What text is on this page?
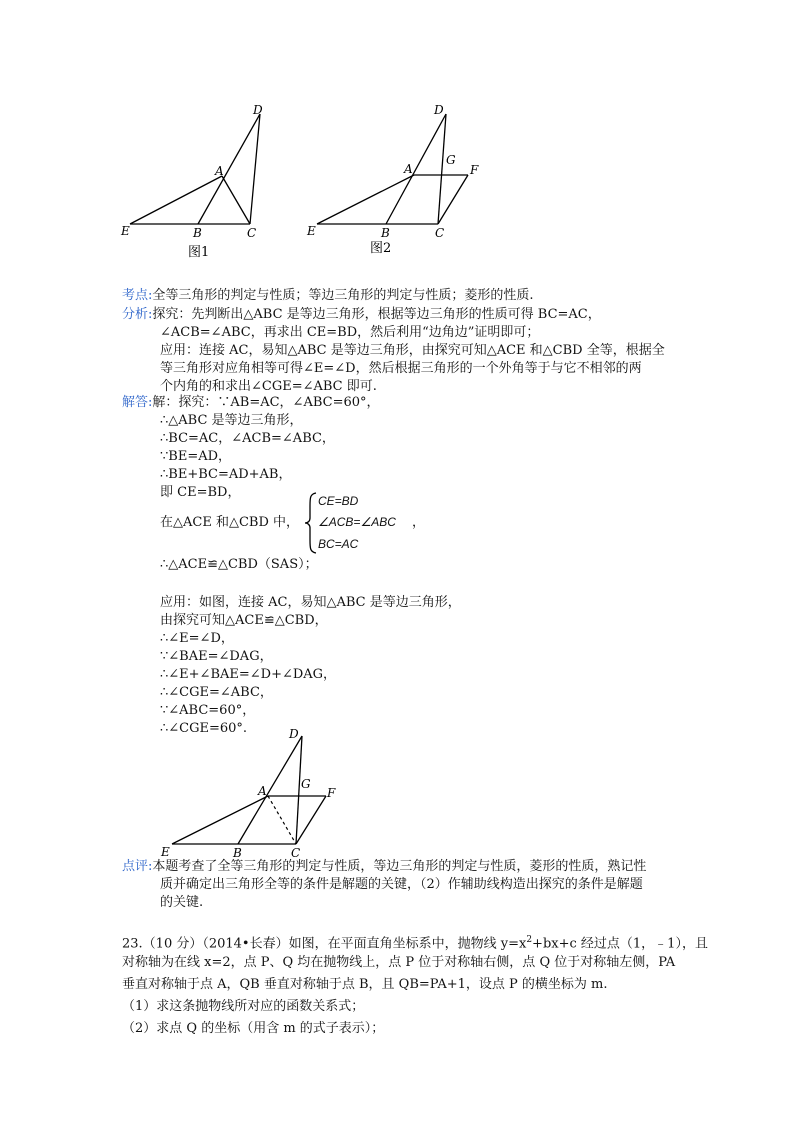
D
A
E	B	C
图1
D
G
A	F
E	B	C
图2
考点:全等三角形的判定与性质；等边三角形的判定与性质；菱形的性质.
分析:探究：先判断出△ABC 是等边三角形，根据等边三角形的性质可得 BC=AC，
∠ACB=∠ABC，再求出 CE=BD，然后利用“边角边”证明即可；
应用：连接 AC，易知△ABC 是等边三角形，由探究可知△ACE 和△CBD 全等，根据全
等三角形对应角相等可得∠E=∠D，然后根据三角形的一个外角等于与它不相邻的两
个内角的和求出∠CGE=∠ABC 即可.
解答:解：探究：∵AB=AC，∠ABC=60°，
∴△ABC 是等边三角形，
∴BC=AC，∠ACB=∠ABC，
∵BE=AD，
∴BE+BC=AD+AB，
即 CE=BD，
在△ACE 和△CBD 中，
CE=BD
∠ACB=∠ABC
BC=AC
，
∴△ACE≌△CBD（SAS）；
应用：如图，连接 AC，易知△ABC 是等边三角形，
由探究可知△ACE≌△CBD，
∴∠E=∠D，
∵∠BAE=∠DAG，
∴∠E+∠BAE=∠D+∠DAG，
∴∠CGE=∠ABC，
∵∠ABC=60°，
∴∠CGE=60°.	D
G
A	F
E	B	C
点评:本题考查了全等三角形的判定与性质，等边三角形的判定与性质，菱形的性质，熟记性
质并确定出三角形全等的条件是解题的关键，（2）作辅助线构造出探究的条件是解题
的关键.
23.（10 分）（2014•长春）如图，在平面直角坐标系中，抛物线 $y=x^2+bx+c$ 经过点（1，﹣1），且
对称轴为在线 x=2，点 P、Q 均在抛物线上，点 P 位于对称轴右侧，点 Q 位于对称轴左侧，PA
垂直对称轴于点 A，QB 垂直对称轴于点 B，且 QB=PA+1，设点 P 的横坐标为 m.
（1）求这条抛物线所对应的函数关系式；
（2）求点 Q 的坐标（用含 m 的式子表示）；
